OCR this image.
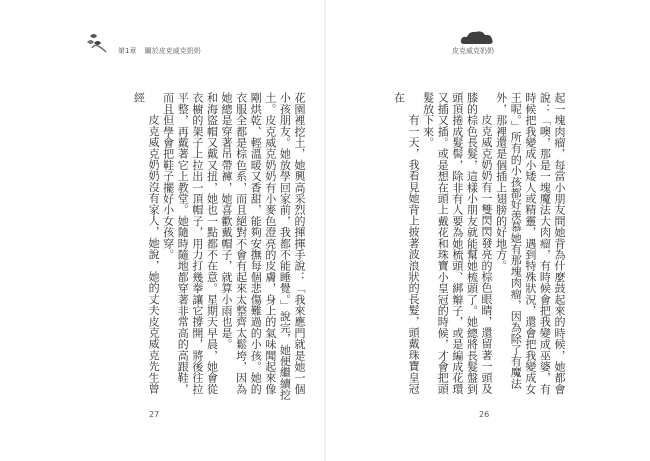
第1章 關於皮克威克奶奶	皮克威克奶奶

花園裡挖土，她興高采烈的揮揮手說：「我來應門就是她一個小孩朋友。她放學回家前，我都不能睡覺。」說完，她便繼續挖土。皮克威克奶奶有小麥色澄亮的皮膚，身上的氣味聞起來像剛烘乾、輕溫暖又香甜，能夠安撫每個悲傷難過的小孩。她的衣服全都是棕色系，而且絕對不會有起來太整齊太鬆垮，因為她總是穿著吊帶褲，她喜歡戴帽子，就算小雨也是。

和海盜帽又戴又扭，她也一點都不在意。星期天早晨，她會從衣櫥的架子上拉出一頂帽子，用力打幾拳讓它撐開，將後往拉平整，再戴著它上教堂。她隨時隨地都穿著非常高的高跟鞋，而且但學會把鞋子擺好小女孩穿。

皮克威克奶奶沒有家人，她說，她的丈夫皮克威克先生曾經	起一塊肉瘤，每當小朋友問她背為什麼鼓起來的時候，她都會說：「噢，那是一塊魔法大肉瘤，有時候會把我變成巫婆，有時候把我變成小矮人或精靈，遇到特殊狀況，還會把我變成女王呢。」所有的小孩都好羡慕她有那塊肉瘤，因為除了有魔法外，那裡還是個插上翅膀的好地方。

皮克威克奶奶有一雙閃閃發亮的棕色眼睛，還留著一頭及膝的棕色長髮，這樣小朋友就能幫她梳頭了。她總將長髮盤到頭頂捲成髮髻，除非有人要為她梳頭、綁辮子，或是編成花環又插又插。或是想在頭上戴花和珠寶小皇冠的時候，才會把頭髮放下來。

有一天，我看見她背上披著波浪狀的長髮，頭戴珠寶皇冠在

27	26
